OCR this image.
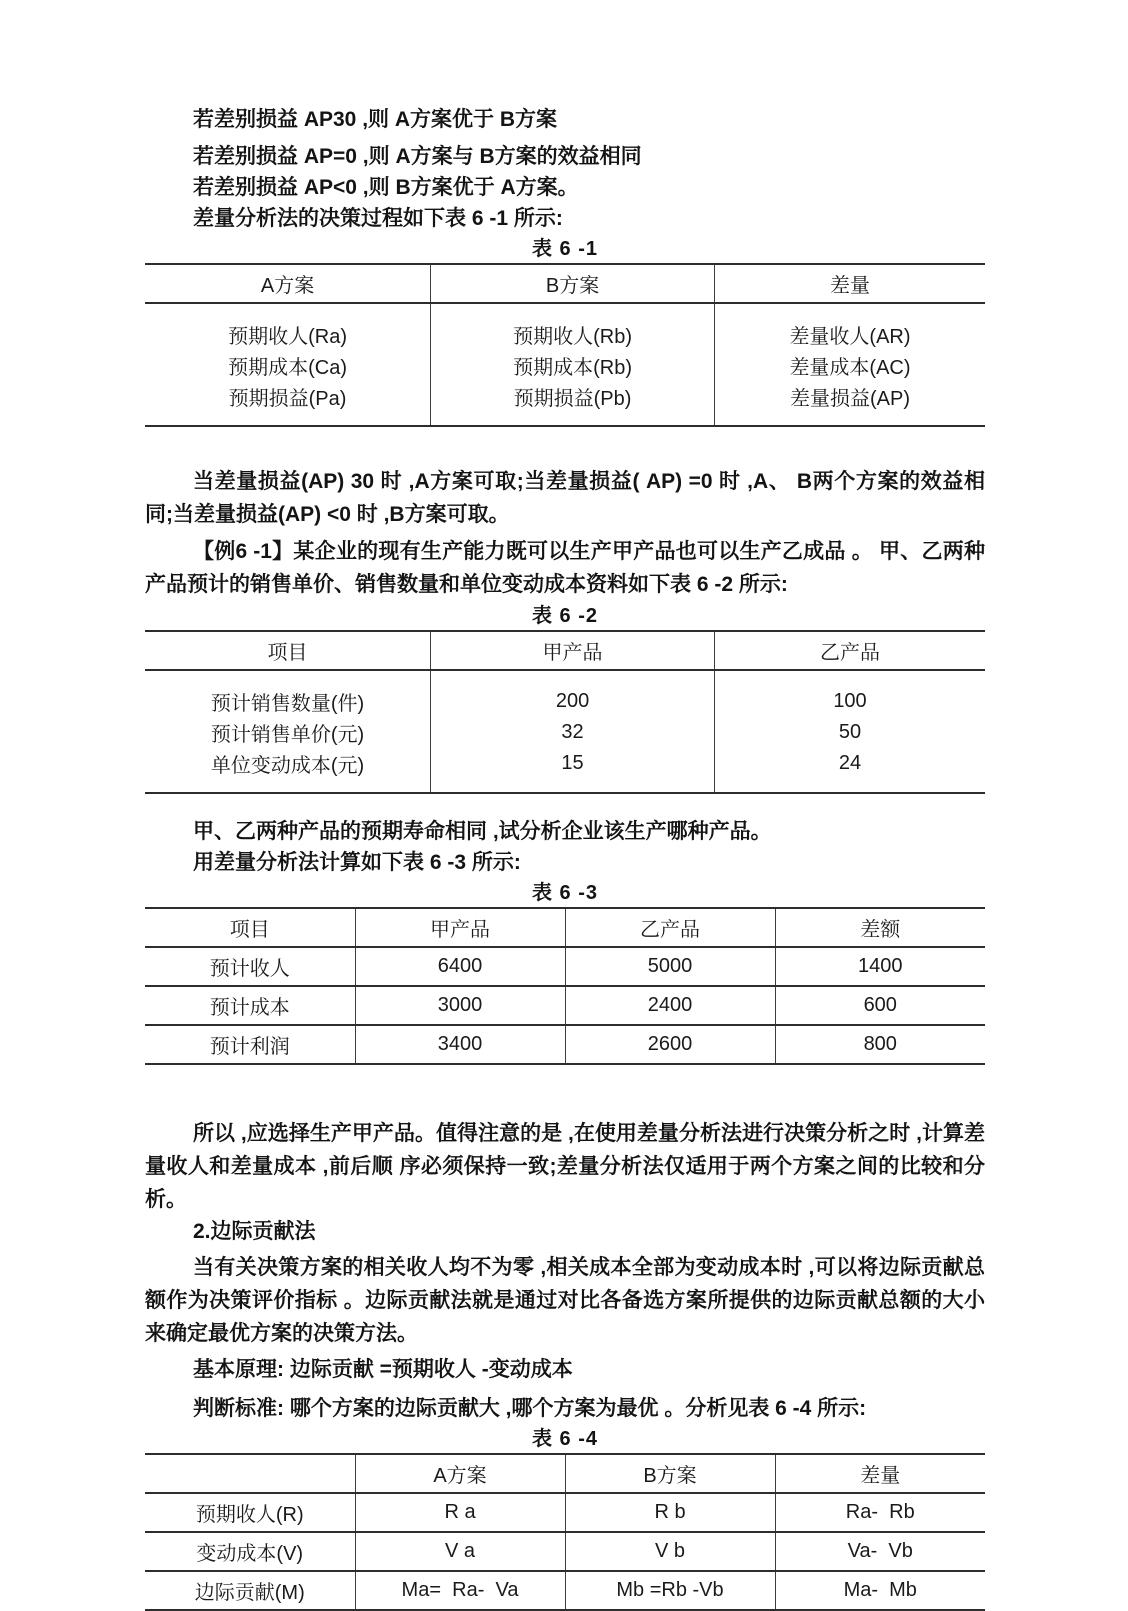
若差别损益 AP30 ,则 A方案优于 B方案
若差别损益 AP=0 ,则 A方案与 B方案的效益相同
若差别损益 AP<0 ,则 B方案优于 A方案。
差量分析法的决策过程如下表 6 -1 所示:
表 6 -1
A方案	B方案	差量
预期收人(Ra)	预期收人(Rb)	差量收人(AR)
预期成本(Ca)	预期成本(Rb)	差量成本(AC)
预期损益(Pa)	预期损益(Pb)	差量损益(AP)

当差量损益(AP) 30 时 ,A方案可取;当差量损益( AP) =0 时 ,A、 B两个方案的效益相同;当差量损益(AP) <0 时 ,B方案可取。

【例6 -1】某企业的现有生产能力既可以生产甲产品也可以生产乙成品 。 甲、乙两种产品预计的销售单价、销售数量和单位变动成本资料如下表 6 -2 所示:

表 6 -2
项目	甲产品	乙产品
预计销售数量(件)	200	100
预计销售单价(元)	32	50
单位变动成本(元)	15	24
甲、乙两种产品的预期寿命相同 ,试分析企业该生产哪种产品。
用差量分析法计算如下表 6 -3 所示:
表 6 -3
项目	甲产品	乙产品	差额
预计收人	6400	5000	1400
预计成本	3000	2400	600
预计利润	3400	2600	800

所以 ,应选择生产甲产品。值得注意的是 ,在使用差量分析法进行决策分析之时 ,计算差量收人和差量成本 ,前后顺 序必须保持一致;差量分析法仅适用于两个方案之间的比较和分析。

2.边际贡献法

当有关决策方案的相关收人均不为零 ,相关成本全部为变动成本时 ,可以将边际贡献总额作为决策评价指标 。边际贡献法就是通过对比各备选方案所提供的边际贡献总额的大小来确定最优方案的决策方法。

基本原理: 边际贡献 =预期收人 -变动成本
判断标准: 哪个方案的边际贡献大 ,哪个方案为最优 。分析见表 6 -4 所示:
表 6 -4
	A方案	B方案	差量
预期收人(R)	R a	R b	Ra-  Rb
变动成本(V)	V a	V b	Va-  Vb
边际贡献(M)	Ma=  Ra-  Va	Mb =Rb -Vb	Ma-  Mb
